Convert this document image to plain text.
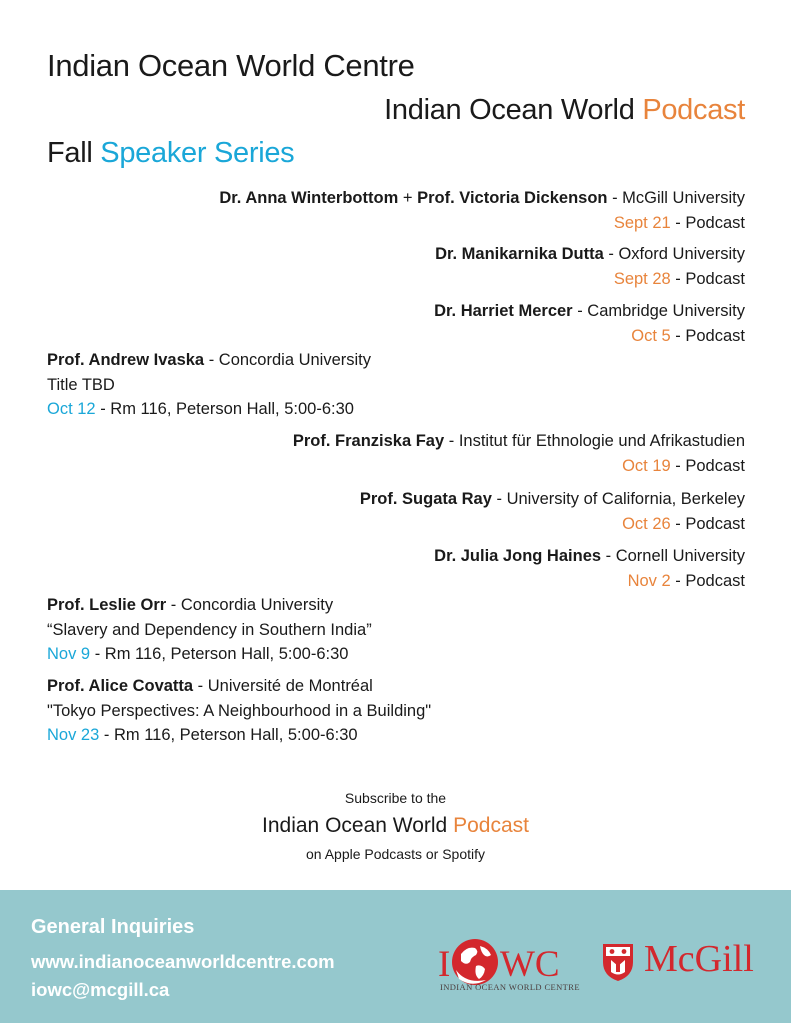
Indian Ocean World Centre
Indian Ocean World Podcast
Fall Speaker Series
Dr. Anna Winterbottom + Prof. Victoria Dickenson - McGill University
Sept 21 - Podcast
Dr. Manikarnika Dutta - Oxford University
Sept 28 - Podcast
Dr. Harriet Mercer - Cambridge University
Oct 5 - Podcast
Prof. Andrew Ivaska - Concordia University
Title TBD
Oct 12 - Rm 116, Peterson Hall, 5:00-6:30
Prof. Franziska Fay - Institut für Ethnologie und Afrikastudien
Oct 19 - Podcast
Prof. Sugata Ray - University of California, Berkeley
Oct 26 - Podcast
Dr. Julia Jong Haines - Cornell University
Nov 2 - Podcast
Prof. Leslie Orr - Concordia University
“Slavery and Dependency in Southern India”
Nov 9 - Rm 116, Peterson Hall, 5:00-6:30
Prof. Alice Covatta - Université de Montréal
"Tokyo Perspectives: A Neighbourhood in a Building"
Nov 23 - Rm 116, Peterson Hall, 5:00-6:30
Subscribe to the
Indian Ocean World Podcast
on Apple Podcasts or Spotify
General Inquiries
www.indianoceanworldcentre.com
iowc@mcgill.ca
I WC
INDIAN OCEAN WORLD CENTRE
McGill
